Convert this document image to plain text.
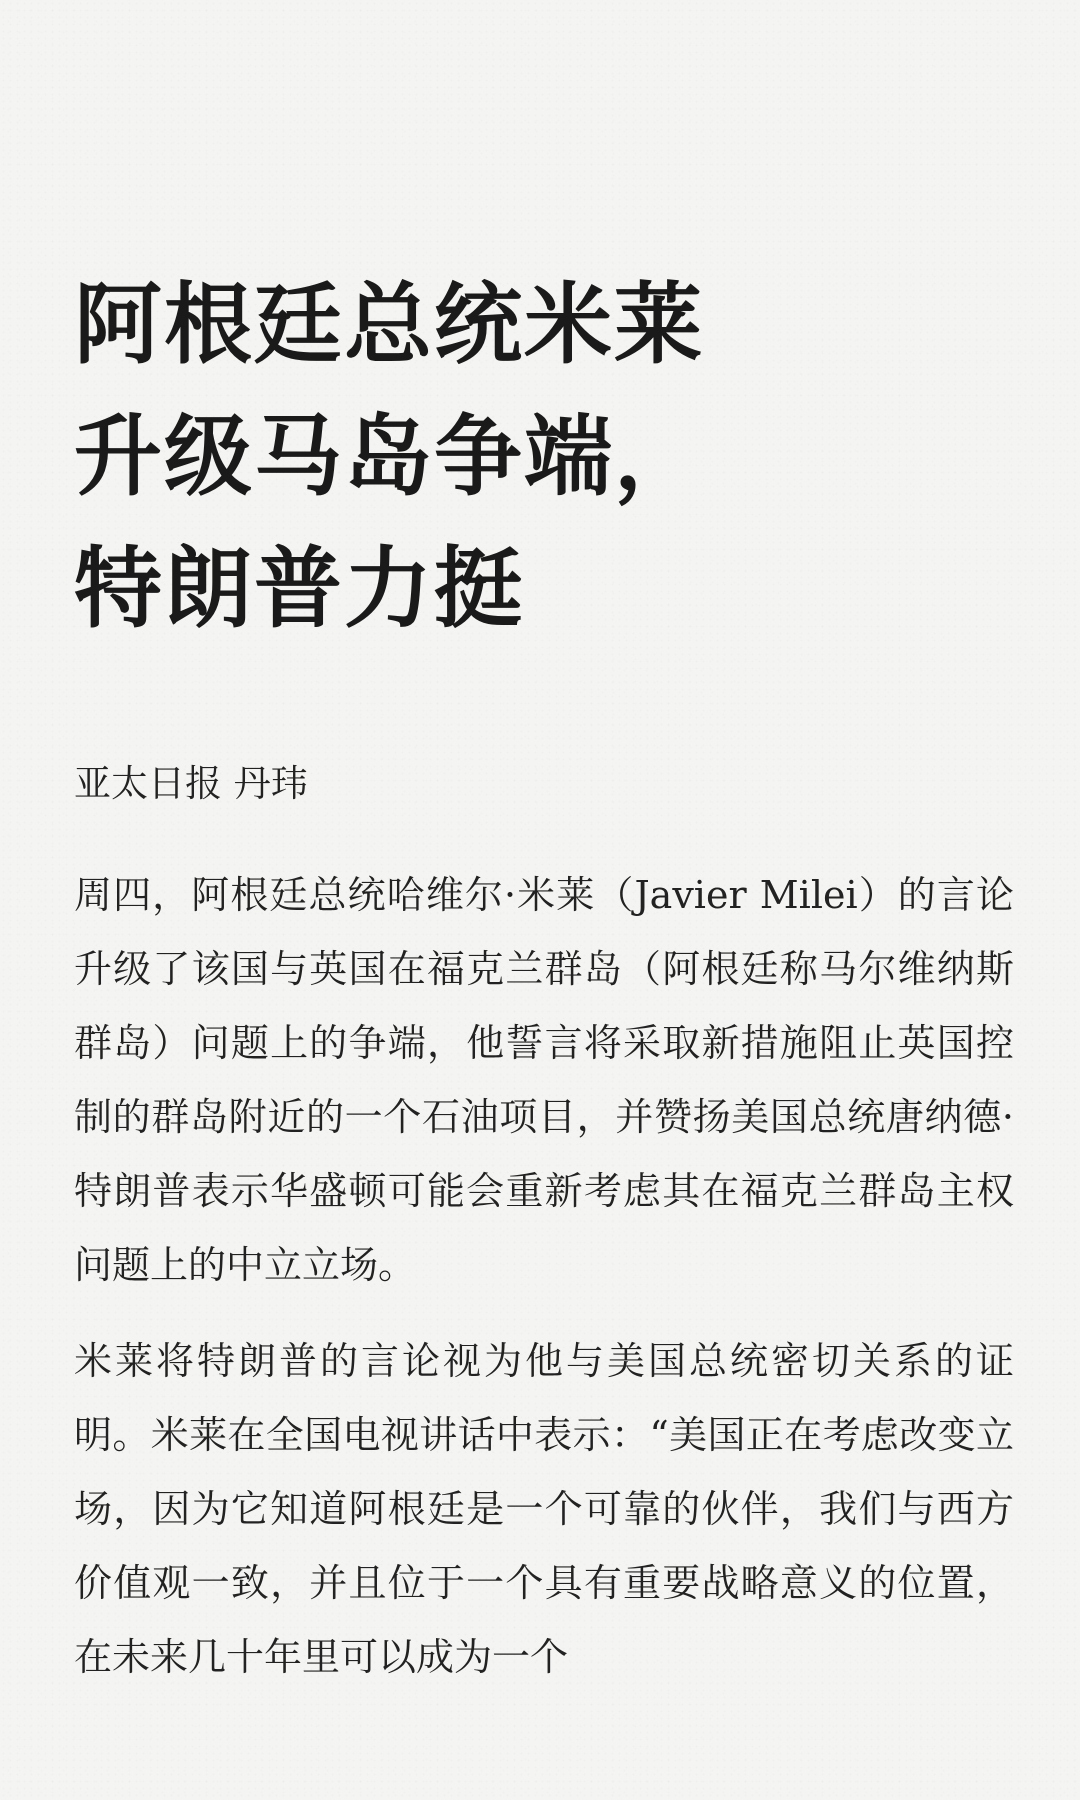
阿根廷总统米莱
升级马岛争端，
特朗普力挺
亚太日报 丹玮

周四，阿根廷总统哈维尔·米莱（Javier Milei）的言论升级了该国与英国在福克兰群岛（阿根廷称马尔维纳斯群岛）问题上的争端，他誓言将采取新措施阻止英国控制的群岛附近的一个石油项目，并赞扬美国总统唐纳德·特朗普表示华盛顿可能会重新考虑其在福克兰群岛主权问题上的中立立场。

米莱将特朗普的言论视为他与美国总统密切关系的证明。米莱在全国电视讲话中表示：“美国正在考虑改变立场，因为它知道阿根廷是一个可靠的伙伴，我们与西方价值观一致，并且位于一个具有重要战略意义的位置，在未来几十年里可以成为一个
